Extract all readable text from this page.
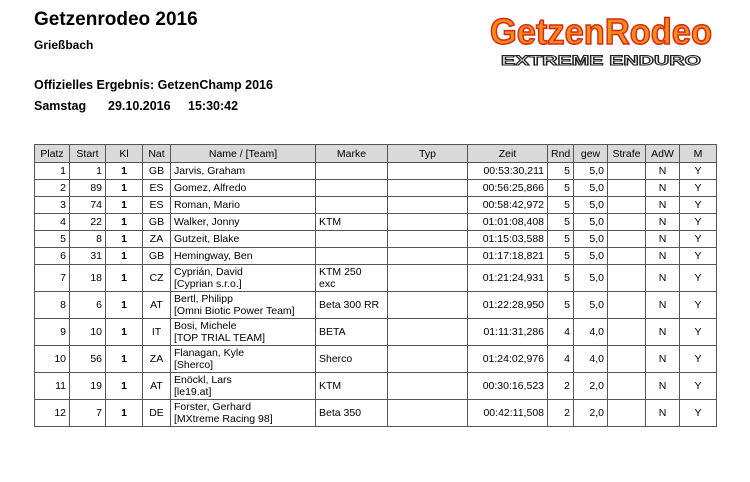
Getzenrodeo 2016
Grießbach
Offizielles Ergebnis: GetzenChamp 2016
Samstag 29.10.2016 15:30:42
GetzenRodeo
EXTREME ENDURO
Platz	Start	Kl	Nat	Name / [Team]	Marke	Typ	Zeit	Rnd	gew	Strafe	AdW	M
1	1	1	GB	Jarvis, Graham			00:53:30,211	5	5,0		N	Y
2	89	1	ES	Gomez, Alfredo			00:56:25,866	5	5,0		N	Y
3	74	1	ES	Roman, Mario			00:58:42,972	5	5,0		N	Y
4	22	1	GB	Walker, Jonny	KTM		01:01:08,408	5	5,0		N	Y
5	8	1	ZA	Gutzeit, Blake			01:15:03,588	5	5,0		N	Y
6	31	1	GB	Hemingway, Ben			01:17:18,821	5	5,0		N	Y
7	18	1	CZ	Cyprián, David
[Cyprian s.r.o.]	KTM 250
exc		01:21:24,931	5	5,0		N	Y
8	6	1	AT	Bertl, Philipp
[Omni Biotic Power Team]	Beta 300 RR		01:22:28,950	5	5,0		N	Y
9	10	1	IT	Bosi, Michele
[TOP TRIAL TEAM]	BETA		01:11:31,286	4	4,0		N	Y
10	56	1	ZA	Flanagan, Kyle
[Sherco]	Sherco		01:24:02,976	4	4,0		N	Y
11	19	1	AT	Enöckl, Lars
[le19.at]	KTM		00:30:16,523	2	2,0		N	Y
12	7	1	DE	Forster, Gerhard
[MXtreme Racing 98]	Beta 350		00:42:11,508	2	2,0		N	Y
